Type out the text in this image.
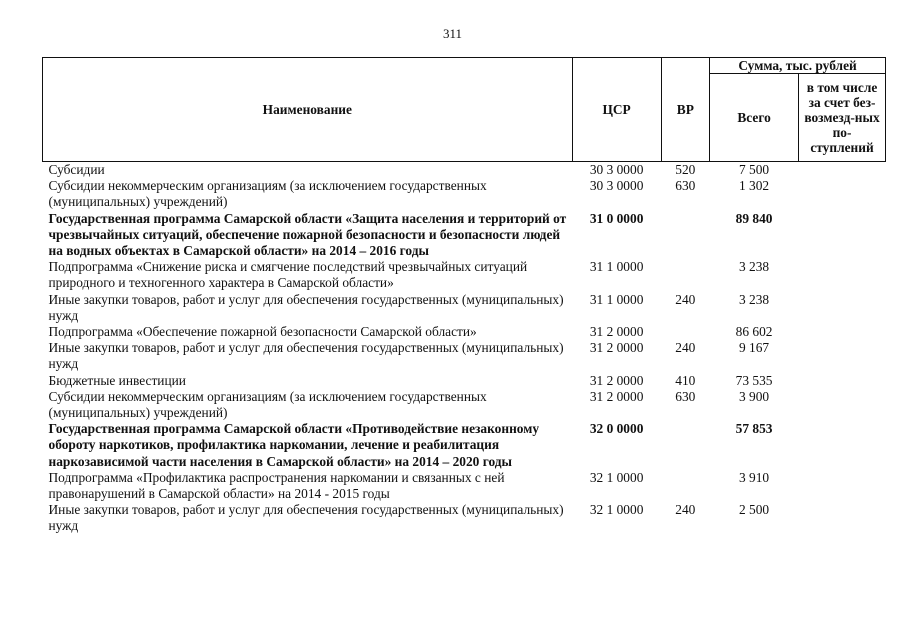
311
Наименование	ЦСР	ВР	Сумма, тыс. рублей	
			Всего	в том числе за счет без-возмезд-ных по-ступлений
Субсидии	30 3 0000	520	7 500	
Субсидии некоммерческим организациям (за исключением государственных (муниципальных) учреждений)	30 3 0000	630	1 302	
Государственная программа Самарской области «Защита населения и территорий от чрезвычайных ситуаций, обеспечение пожарной безопасности и безопасности людей на водных объектах в Самарской области» на 2014 – 2016 годы	31 0 0000		89 840	
Подпрограмма «Снижение риска и смягчение последствий чрезвычайных ситуаций природного и техногенного характера в Самарской области»	31 1 0000		3 238	
Иные закупки товаров, работ и услуг для обеспечения государственных (муниципальных) нужд	31 1 0000	240	3 238	
Подпрограмма «Обеспечение пожарной безопасности Самарской области»	31 2 0000		86 602	
Иные закупки товаров, работ и услуг для обеспечения государственных (муниципальных) нужд	31 2 0000	240	9 167	
Бюджетные инвестиции	31 2 0000	410	73 535	
Субсидии некоммерческим организациям (за исключением государственных (муниципальных) учреждений)	31 2 0000	630	3 900	
Государственная программа Самарской области «Противодействие незаконному обороту наркотиков, профилактика наркомании, лечение и реабилитация наркозависимой части населения в Самарской области» на 2014 – 2020 годы	32 0 0000		57 853	
Подпрограмма «Профилактика распространения наркомании и связанных с ней правонарушений в Самарской области» на 2014 - 2015 годы	32 1 0000		3 910	
Иные закупки товаров, работ и услуг для обеспечения государственных (муниципальных) нужд	32 1 0000	240	2 500	
